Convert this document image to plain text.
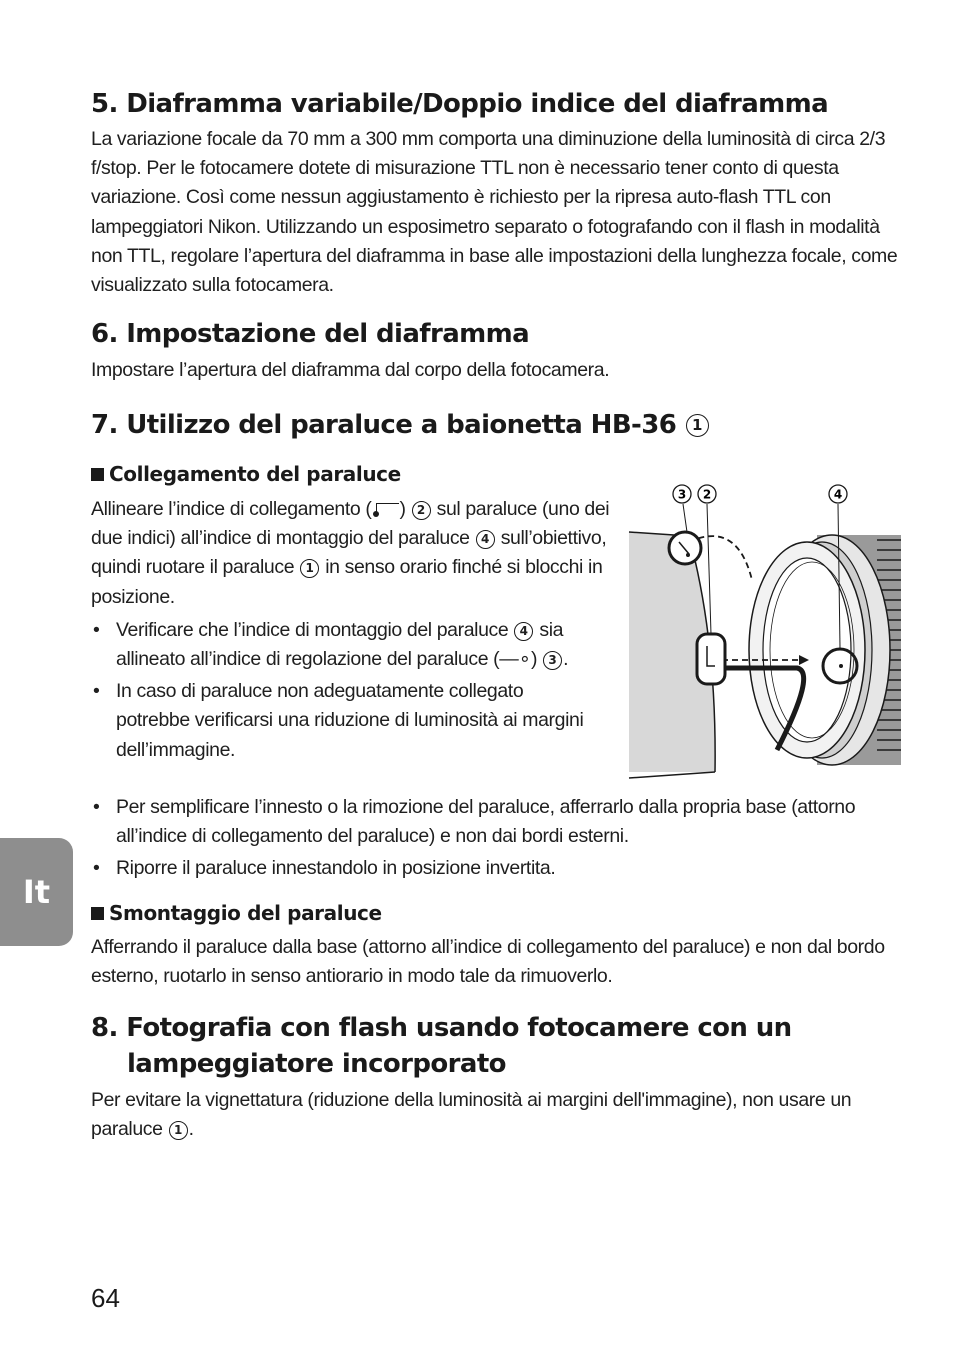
5. Diaframma variabile/Doppio indice del diaframma

La variazione focale da 70 mm a 300 mm comporta una diminuzione della luminosità di circa 2/3 f/stop. Per le fotocamere dotete di misurazione TTL non è necessario tener conto di questa variazione. Così come nessun aggiustamento è richiesto per la ripresa auto-flash TTL con lampeggiatori Nikon. Utilizzando un esposimetro separato o fotografando con il flash in modalità non TTL, regolare l’apertura del diaframma in base alle impostazioni della lunghezza focale, come visualizzato sulla fotocamera.

6. Impostazione del diaframma

Impostare l’apertura del diaframma dal corpo della fotocamera.

7. Utilizzo del paraluce a baionetta HB-36 1
Collegamento del paraluce

Allineare l’indice di collegamento ( ) 2 sul paraluce (uno dei due indici) all’indice di montaggio del paraluce 4 sull’obiettivo, quindi ruotare il paraluce 1 in senso orario finché si blocchi in posizione.

• Verificare che l’indice di montaggio del paraluce 4 sia allineato all’indice di regolazione del paraluce (—∘) 3 .
• In caso di paraluce non adeguatamente collegato potrebbe verificarsi una riduzione di luminosità ai margini dell’immagine.
• Per semplificare l’innesto o la rimozione del paraluce, afferrarlo dalla propria base (attorno all’indice di collegamento del paraluce) e non dai bordi esterni.
• Riporre il paraluce innestandolo in posizione invertita.
Smontaggio del paraluce

Afferrando il paraluce dalla base (attorno all’indice di collegamento del paraluce) e non dal bordo esterno, ruotarlo in senso antiorario in modo tale da rimuoverlo.

8. Fotografia con flash usando fotocamere con un
lampeggiatore incorporato

Per evitare la vignettatura (riduzione della luminosità ai margini dell'immagine), non usare un paraluce 1 .

3 2	4
It
64
